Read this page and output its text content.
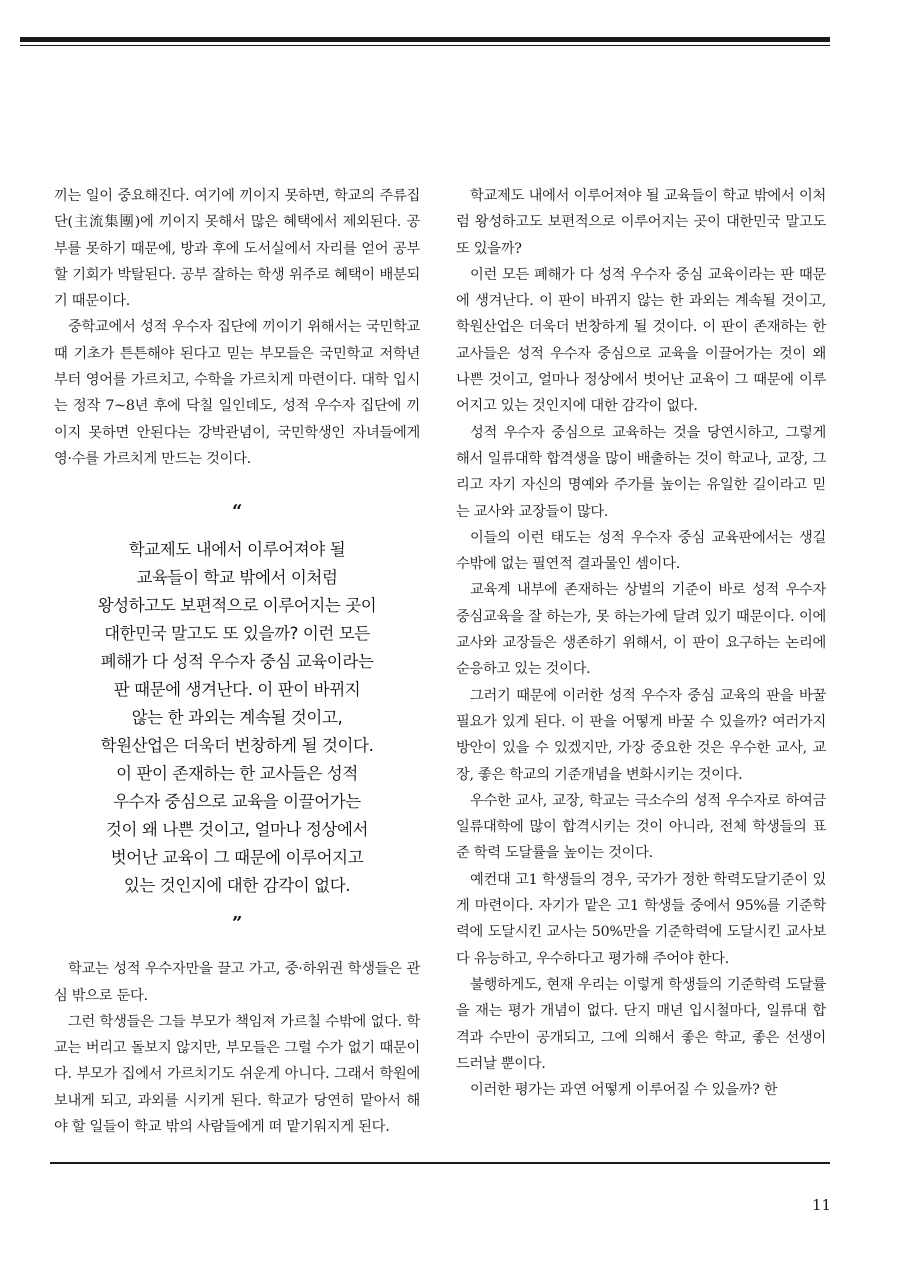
끼는 일이 중요해진다. 여기에 끼이지 못하면, 학교의 주류집단(主流集團)에 끼이지 못해서 많은 혜택에서 제외된다. 공부를 못하기 때문에, 방과 후에 도서실에서 자리를 얻어 공부할 기회가 박탈된다. 공부 잘하는 학생 위주로 혜택이 배분되기 때문이다.

중학교에서 성적 우수자 집단에 끼이기 위해서는 국민학교 때 기초가 튼튼해야 된다고 믿는 부모들은 국민학교 저학년부터 영어를 가르치고, 수학을 가르치게 마련이다. 대학 입시는 정작 7~8년 후에 닥칠 일인데도, 성적 우수자 집단에 끼이지 못하면 안된다는 강박관념이, 국민학생인 자녀들에게 영·수를 가르치게 만드는 것이다.

“
학교제도 내에서 이루어져야 될
교육들이 학교 밖에서 이처럼
왕성하고도 보편적으로 이루어지는 곳이
대한민국 말고도 또 있을까? 이런 모든
폐해가 다 성적 우수자 중심 교육이라는
판 때문에 생겨난다. 이 판이 바뀌지
않는 한 과외는 계속될 것이고,
학원산업은 더욱더 번창하게 될 것이다.
이 판이 존재하는 한 교사들은 성적
우수자 중심으로 교육을 이끌어가는
것이 왜 나쁜 것이고, 얼마나 정상에서
벗어난 교육이 그 때문에 이루어지고
있는 것인지에 대한 감각이 없다.
”

학교는 성적 우수자만을 끌고 가고, 중·하위권 학생들은 관심 밖으로 둔다.

그런 학생들은 그들 부모가 책임져 가르칠 수밖에 없다. 학교는 버리고 돌보지 않지만, 부모들은 그럴 수가 없기 때문이다. 부모가 집에서 가르치기도 쉬운게 아니다. 그래서 학원에 보내게 되고, 과외를 시키게 된다. 학교가 당연히 맡아서 해야 할 일들이 학교 밖의 사람들에게 떠 맡기워지게 된다.

학교제도 내에서 이루어져야 될 교육들이 학교 밖에서 이처럼 왕성하고도 보편적으로 이루어지는 곳이 대한민국 말고도 또 있을까?

이런 모든 폐해가 다 성적 우수자 중심 교육이라는 판 때문에 생겨난다. 이 판이 바뀌지 않는 한 과외는 계속될 것이고, 학원산업은 더욱더 번창하게 될 것이다. 이 판이 존재하는 한 교사들은 성적 우수자 중심으로 교육을 이끌어가는 것이 왜 나쁜 것이고, 얼마나 정상에서 벗어난 교육이 그 때문에 이루어지고 있는 것인지에 대한 감각이 없다.

성적 우수자 중심으로 교육하는 것을 당연시하고, 그렇게 해서 일류대학 합격생을 많이 배출하는 것이 학교나, 교장, 그리고 자기 자신의 명예와 주가를 높이는 유일한 길이라고 믿는 교사와 교장들이 많다.

이들의 이런 태도는 성적 우수자 중심 교육판에서는 생길 수밖에 없는 필연적 결과물인 셈이다.

교육계 내부에 존재하는 상벌의 기준이 바로 성적 우수자 중심교육을 잘 하는가, 못 하는가에 달려 있기 때문이다. 이에 교사와 교장들은 생존하기 위해서, 이 판이 요구하는 논리에 순응하고 있는 것이다.

그러기 때문에 이러한 성적 우수자 중심 교육의 판을 바꿀 필요가 있게 된다. 이 판을 어떻게 바꿀 수 있을까? 여러가지 방안이 있을 수 있겠지만, 가장 중요한 것은 우수한 교사, 교장, 좋은 학교의 기준개념을 변화시키는 것이다.

우수한 교사, 교장, 학교는 극소수의 성적 우수자로 하여금 일류대학에 많이 합격시키는 것이 아니라, 전체 학생들의 표준 학력 도달률을 높이는 것이다.

예컨대 고1 학생들의 경우, 국가가 정한 학력도달기준이 있게 마련이다. 자기가 맡은 고1 학생들 중에서 95%를 기준학력에 도달시킨 교사는 50%만을 기준학력에 도달시킨 교사보다 유능하고, 우수하다고 평가해 주어야 한다.

불행하게도, 현재 우리는 이렇게 학생들의 기준학력 도달률을 재는 평가 개념이 없다. 단지 매년 입시철마다, 일류대 합격과 수만이 공개되고, 그에 의해서 좋은 학교, 좋은 선생이 드러날 뿐이다.

이러한 평가는 과연 어떻게 이루어질 수 있을까? 한

11
